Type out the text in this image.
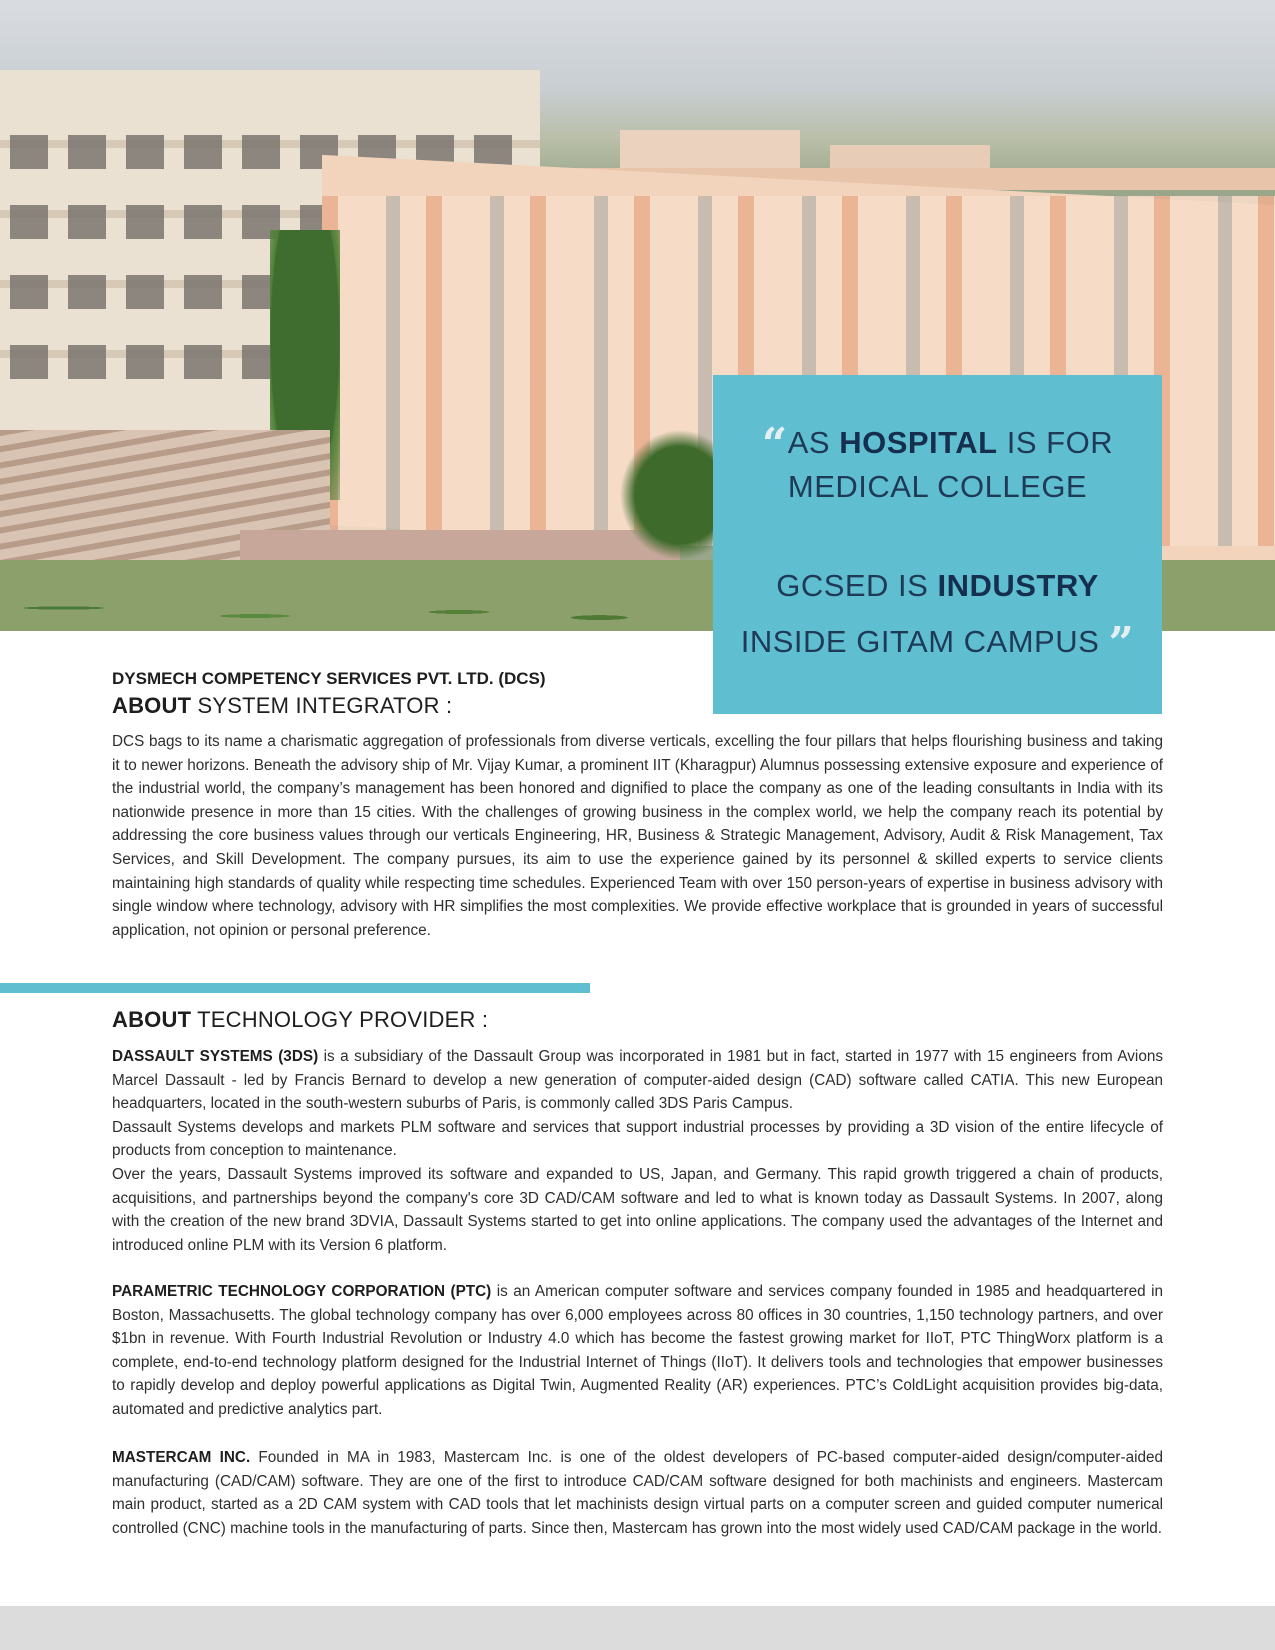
“AS HOSPITAL IS FOR
MEDICAL COLLEGE
GCSED IS INDUSTRY
INSIDE GITAM CAMPUS ”
DYSMECH COMPETENCY SERVICES PVT. LTD. (DCS)
ABOUT SYSTEM INTEGRATOR :
DCS bags to its name a charismatic aggregation of professionals from diverse verticals, excelling the four pillars that helps flourishing business and taking it to newer horizons. Beneath the advisory ship of Mr. Vijay Kumar, a prominent IIT (Kharagpur) Alumnus possessing extensive exposure and experience of the industrial world, the company’s management has been honored and dignified to place the company as one of the leading consultants in India with its nationwide presence in more than 15 cities. With the challenges of growing business in the complex world, we help the company reach its potential by addressing the core business values through our verticals Engineering, HR, Business & Strategic Management, Advisory, Audit & Risk Management, Tax Services, and Skill Development. The company pursues, its aim to use the experience gained by its personnel & skilled experts to service clients maintaining high standards of quality while respecting time schedules. Experienced Team with over 150 person-years of expertise in business advisory with single window where technology, advisory with HR simplifies the most complexities. We provide effective workplace that is grounded in years of successful application, not opinion or personal preference.
ABOUT TECHNOLOGY PROVIDER :
DASSAULT SYSTEMS (3DS) is a subsidiary of the Dassault Group was incorporated in 1981 but in fact, started in 1977 with 15 engineers from Avions Marcel Dassault - led by Francis Bernard to develop a new generation of computer-aided design (CAD) software called CATIA. This new European headquarters, located in the south-western suburbs of Paris, is commonly called 3DS Paris Campus.
Dassault Systems develops and markets PLM software and services that support industrial processes by providing a 3D vision of the entire lifecycle of products from conception to maintenance.
Over the years, Dassault Systems improved its software and expanded to US, Japan, and Germany. This rapid growth triggered a chain of products, acquisitions, and partnerships beyond the company's core 3D CAD/CAM software and led to what is known today as Dassault Systems. In 2007, along with the creation of the new brand 3DVIA, Dassault Systems started to get into online applications. The company used the advantages of the Internet and introduced online PLM with its Version 6 platform.
PARAMETRIC TECHNOLOGY CORPORATION (PTC) is an American computer software and services company founded in 1985 and headquartered in Boston, Massachusetts. The global technology company has over 6,000 employees across 80 offices in 30 countries, 1,150 technology partners, and over $1bn in revenue. With Fourth Industrial Revolution or Industry 4.0 which has become the fastest growing market for IIoT, PTC ThingWorx platform is a complete, end-to-end technology platform designed for the Industrial Internet of Things (IIoT). It delivers tools and technologies that empower businesses to rapidly develop and deploy powerful applications as Digital Twin, Augmented Reality (AR) experiences. PTC’s ColdLight acquisition provides big-data, automated and predictive analytics part.
MASTERCAM INC. Founded in MA in 1983, Mastercam Inc. is one of the oldest developers of PC-based computer-aided design/computer-aided manufacturing (CAD/CAM) software. They are one of the first to introduce CAD/CAM software designed for both machinists and engineers. Mastercam main product, started as a 2D CAM system with CAD tools that let machinists design virtual parts on a computer screen and guided computer numerical controlled (CNC) machine tools in the manufacturing of parts. Since then, Mastercam has grown into the most widely used CAD/CAM package in the world.
